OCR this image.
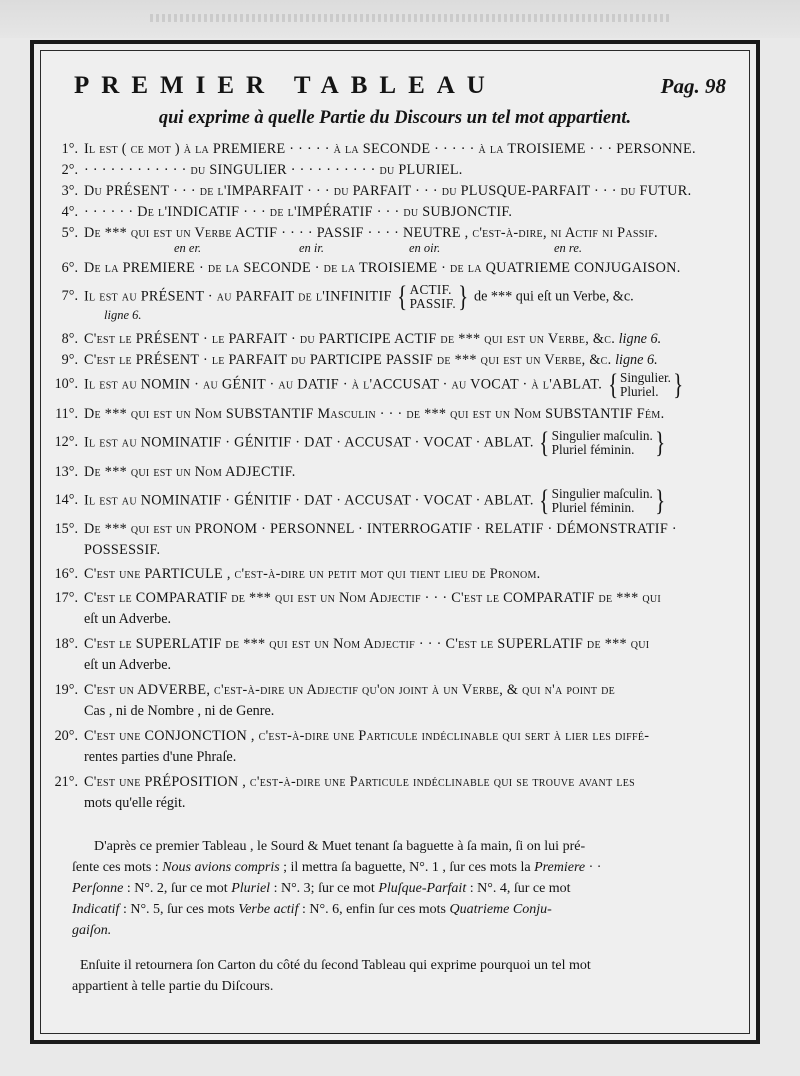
PREMIER TABLEAU	Pag. 98
qui exprime à quelle Partie du Discours un tel mot appartient.
1°. Il eſt ( ce mot ) à la PREMIERE · · · · · à la SECONDE · · · · · à la TROISIEME · · · PERSONNE.
2°. · · · · · · · · · · · · du SINGULIER · · · · · · · · · · du PLURIEL.
3°. Du PRÉSENT · · · de l'IMPARFAIT · · · du PARFAIT · · · du PLUSQUE-PARFAIT · · · du FUTUR.
4°. · · · · · · De l'INDICATIF · · · de l'IMPÉRATIF · · · du SUBJONCTIF.
5°. De *** qui eſt un Verbe ACTIF · · · · PASSIF · · · · NEUTRE , c'eſt-à-dire, ni Actif ni Paſſif.
en er.	en ir.	en oir.	en re.
6°. De la PREMIERE · de la SECONDE · de la TROISIEME · de la QUATRIEME CONJUGAISON.
7°. Il eſt au PRÉSENT · au PARFAIT de l'INFINITIF { ACTIF.
PASSIF. } de *** qui eſt un Verbe, &c.
ligne 6.
8°. C'eſt le PRÉSENT · le PARFAIT · du PARTICIPE ACTIF de *** qui eſt un Verbe, &c. ligne 6.
9°. C'eſt le PRÉSENT · le PARFAIT du PARTICIPE PASSIF de *** qui eſt un Verbe, &c. ligne 6.
10°. Il eſt au NOMIN · au GÉNIT · au DATIF · à l'ACCUSAT · au VOCAT · à l'ABLAT. { Singulier.
Pluriel. }
11°. De *** qui eſt un Nom SUBSTANTIF Maſculin · · · de *** qui eſt un Nom SUBSTANTIF Fém.
12°. Il eſt au NOMINATIF · GÉNITIF · DAT · ACCUSAT · VOCAT · ABLAT. { Singulier maſculin.
Pluriel féminin. }
13°. De *** qui eſt un Nom ADJECTIF.
14°. Il eſt au NOMINATIF · GÉNITIF · DAT · ACCUSAT · VOCAT · ABLAT. { Singulier maſculin.
Pluriel féminin. }
15°. De *** qui eſt un PRONOM · PERSONNEL · INTERROGATIF · RELATIF · DÉMONSTRATIF ·
POSSESSIF.
16°. C'eſt une PARTICULE , c'eſt-à-dire un petit mot qui tient lieu de Pronom.
17°. C'eſt le COMPARATIF de *** qui eſt un Nom Adjectif · · · C'eſt le COMPARATIF de *** qui
eſt un Adverbe.
18°. C'eſt le SUPERLATIF de *** qui eſt un Nom Adjectif · · · C'eſt le SUPERLATIF de *** qui
eſt un Adverbe.
19°. C'eſt un ADVERBE, c'eſt-à-dire un Adjectif qu'on joint à un Verbe, & qui n'a point de
Cas , ni de Nombre , ni de Genre.
20°. C'eſt une CONJONCTION , c'eſt-à-dire une Particule indéclinable qui ſert à lier les diffé-
rentes parties d'une Phraſe.
21°. C'eſt une PRÉPOSITION , c'eſt-à-dire une Particule indéclinable qui ſe trouve avant les
mots qu'elle régit.

D'après ce premier Tableau , le Sourd & Muet tenant ſa baguette à ſa main, ſi on lui pré-

ſente ces mots : Nous avions compris ; il mettra ſa baguette, N°. 1 , ſur ces mots la Premiere · ·

Perſonne : N°. 2, ſur ce mot Pluriel : N°. 3; ſur ce mot Pluſque-Parfait : N°. 4, ſur ce mot

Indicatif : N°. 5, ſur ces mots Verbe actif : N°. 6, enfin ſur ces mots Quatrieme Conju-

gaiſon.

Enſuite il retournera ſon Carton du côté du ſecond Tableau qui exprime pourquoi un tel mot

appartient à telle partie du Diſcours.
